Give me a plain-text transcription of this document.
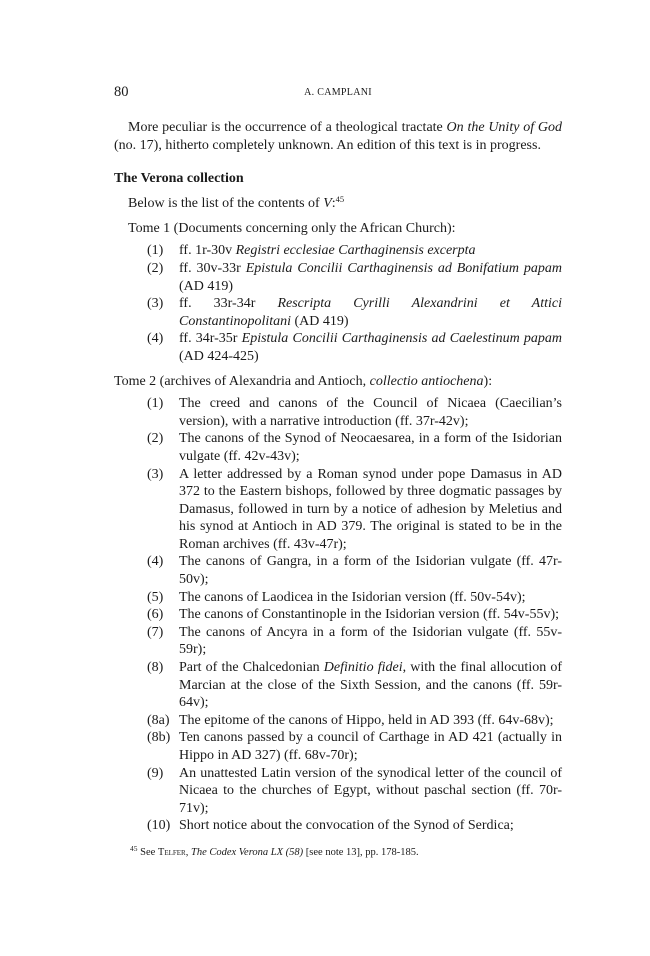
80	A. CAMPLANI

More peculiar is the occurrence of a theological tractate On the Unity of God (no. 17), hitherto completely unknown. An edition of this text is in progress.

The Verona collection

Below is the list of the contents of V:$^{45}$

Tome 1 (Documents concerning only the African Church):

(1)	ff. 1r-30v Registri ecclesiae Carthaginensis excerpta
(2)	ff. 30v-33r Epistula Concilii Carthaginensis ad Bonifatium papam (AD 419)
(3)	ff. 33r-34r Rescripta Cyrilli Alexandrini et Attici Constantinopolitani (AD 419)
(4)	ff. 34r-35r Epistula Concilii Carthaginensis ad Caelestinum papam (AD 424-425)

Tome 2 (archives of Alexandria and Antioch, collectio antiochena):

(1)	The creed and canons of the Council of Nicaea (Caecilian’s version), with a narrative introduction (ff. 37r-42v);
(2)	The canons of the Synod of Neocaesarea, in a form of the Isidorian vulgate (ff. 42v-43v);
(3)	A letter addressed by a Roman synod under pope Damasus in AD 372 to the Eastern bishops, followed by three dogmatic passages by Damasus, followed in turn by a notice of adhesion by Meletius and his synod at Antioch in AD 379. The original is stated to be in the Roman archives (ff. 43v-47r);
(4)	The canons of Gangra, in a form of the Isidorian vulgate (ff. 47r-50v);
(5)	The canons of Laodicea in the Isidorian version (ff. 50v-54v);
(6)	The canons of Constantinople in the Isidorian version (ff. 54v-55v);
(7)	The canons of Ancyra in a form of the Isidorian vulgate (ff. 55v-59r);
(8)	Part of the Chalcedonian Definitio fidei, with the final allocution of Marcian at the close of the Sixth Session, and the canons (ff. 59r-64v);
(8a) The epitome of the canons of Hippo, held in AD 393 (ff. 64v-68v);
(8b) Ten canons passed by a council of Carthage in AD 421 (actually in Hippo in AD 327) (ff. 68v-70r);
(9)	An unattested Latin version of the synodical letter of the council of Nicaea to the churches of Egypt, without paschal section (ff. 70r-71v);
(10) Short notice about the convocation of the Synod of Serdica;
$^{45}$ See Telfer, The Codex Verona LX (58) [see note 13], pp. 178-185.
